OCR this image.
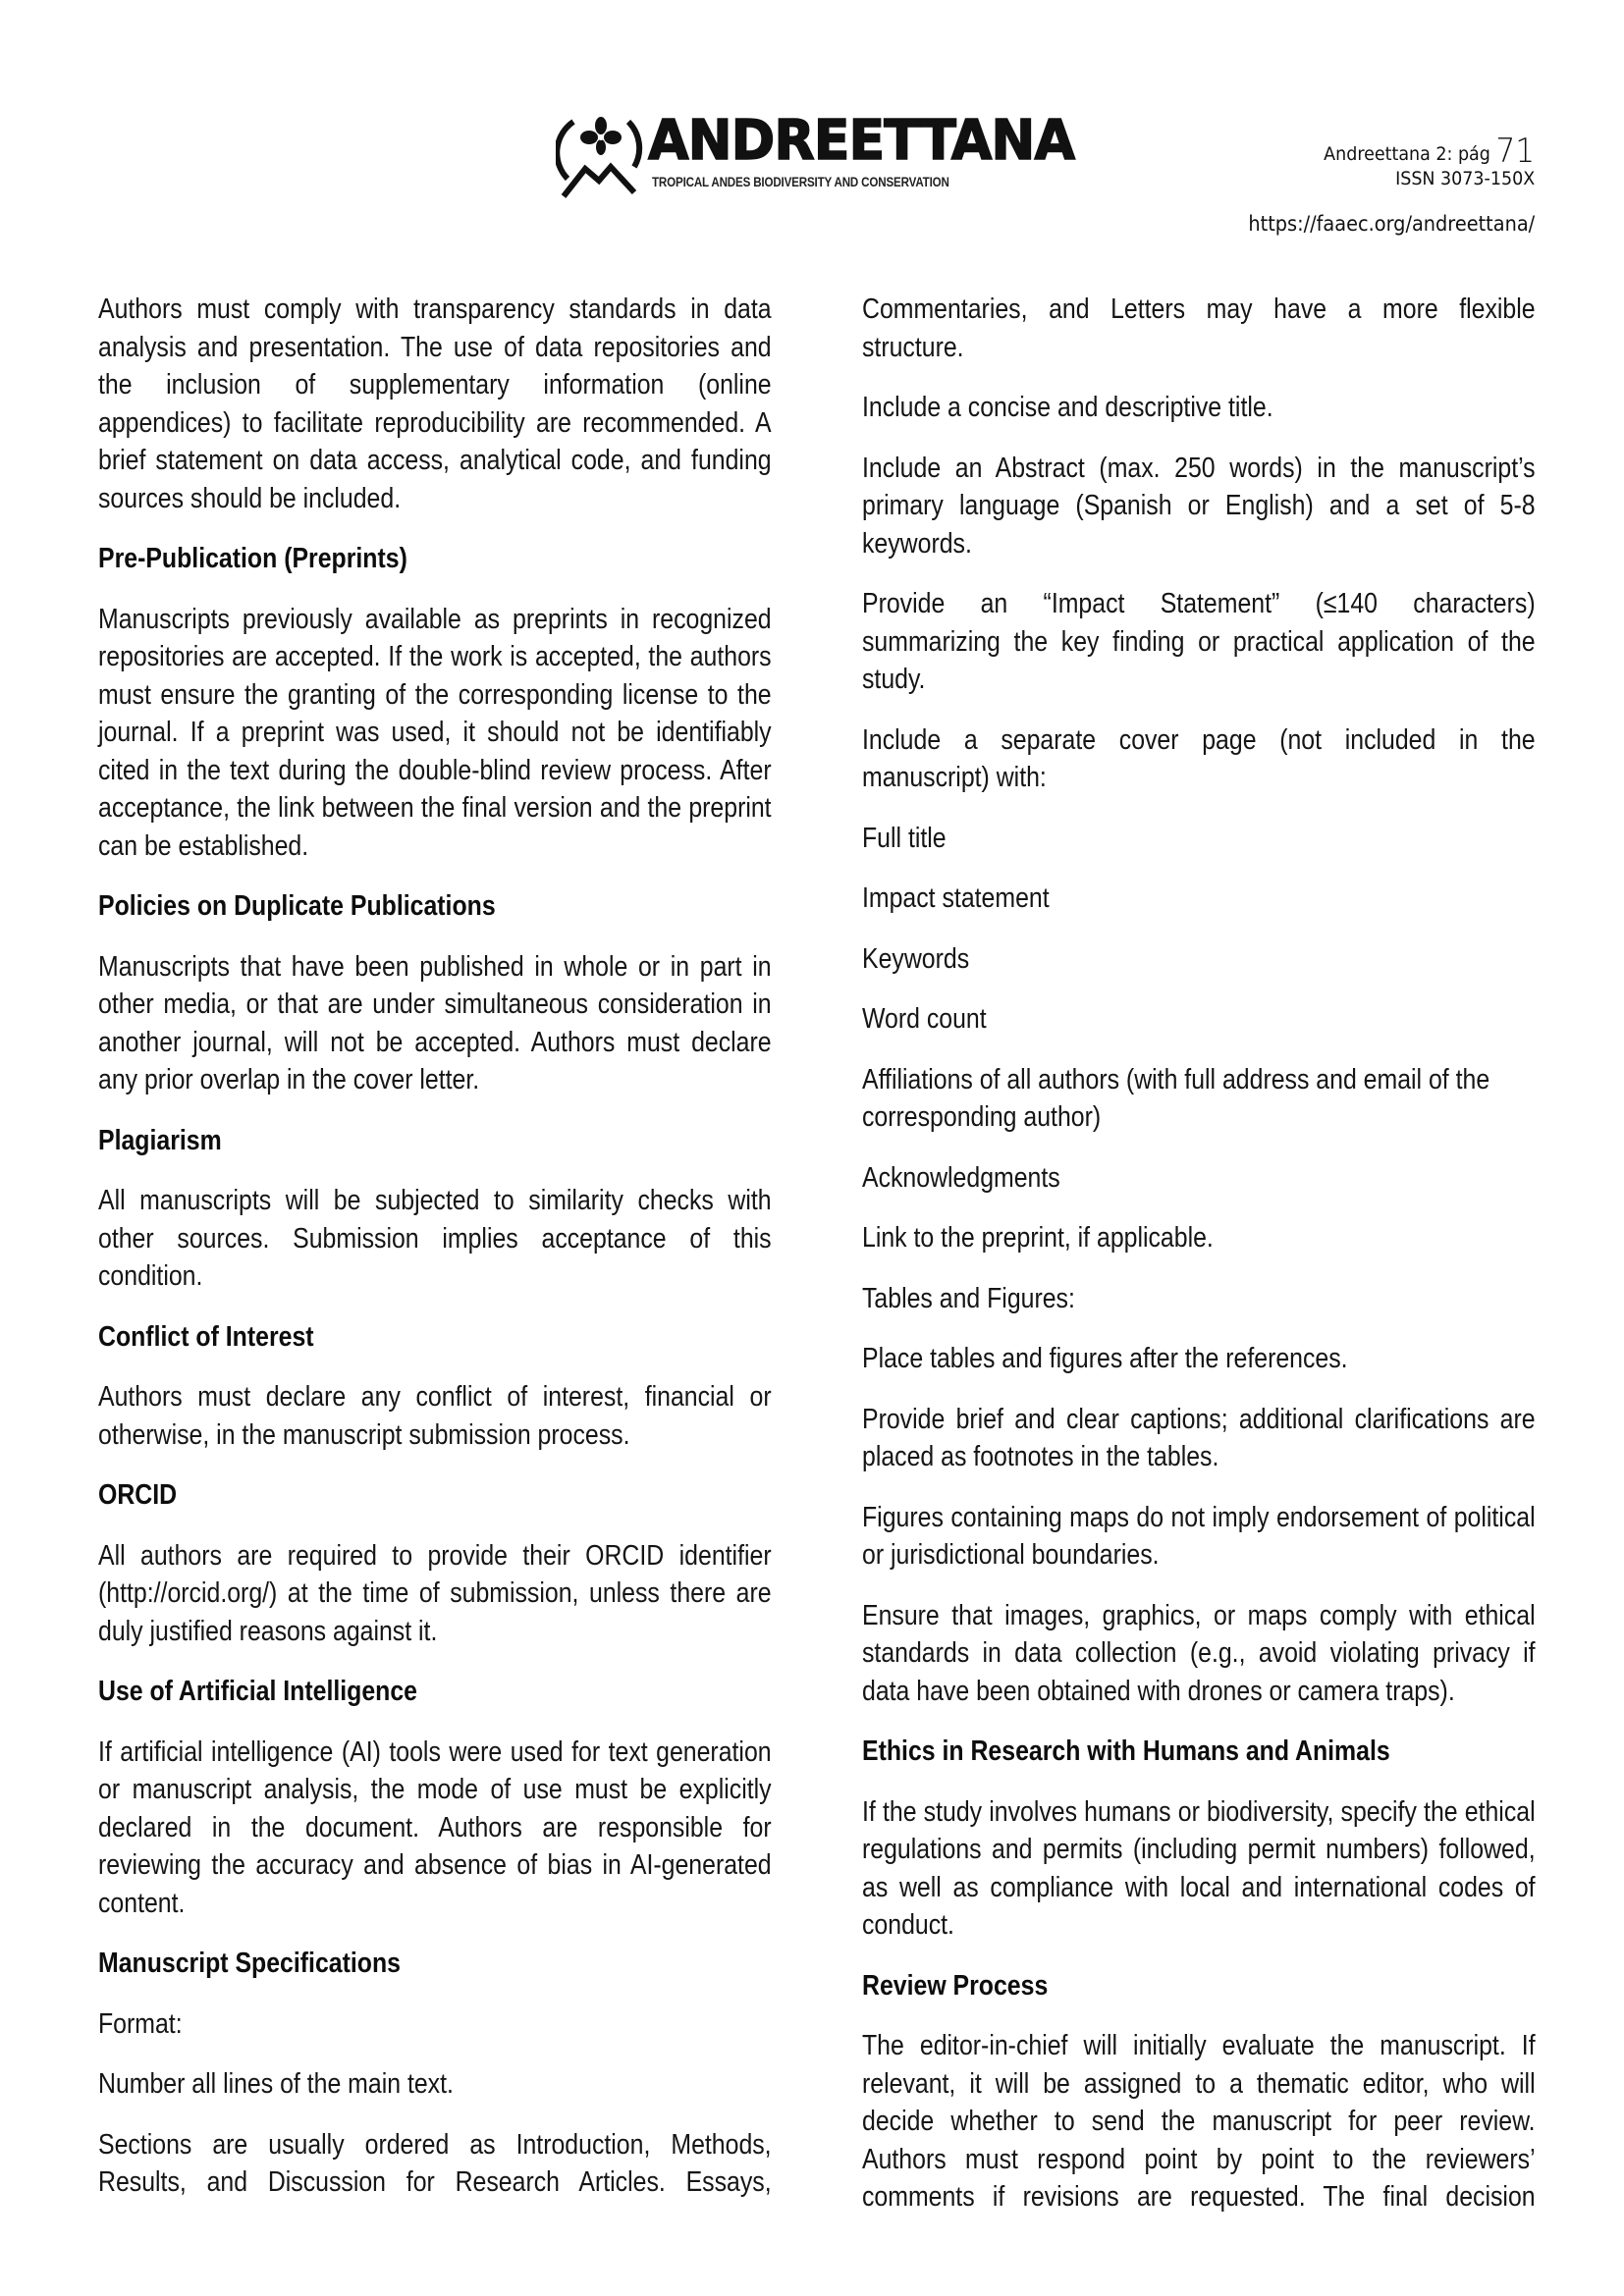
ANDREETTANA
TROPICAL ANDES BIODIVERSITY AND CONSERVATION
Andreettana 2: pág 71
ISSN 3073-150X
https://faaec.org/andreettana/

Authors must comply with transparency standards in data analysis and presentation. The use of data repositories and the inclusion of supplementary information (online appendices) to facilitate reproducibility are recommended. A brief statement on data access, analytical code, and funding sources should be included.

Pre-Publication (Preprints)

Manuscripts previously available as preprints in recognized repositories are accepted. If the work is accepted, the authors must ensure the granting of the corresponding license to the journal. If a preprint was used, it should not be identifiably cited in the text during the double-blind review process. After acceptance, the link between the final version and the preprint can be established.

Policies on Duplicate Publications

Manuscripts that have been published in whole or in part in other media, or that are under simultaneous consideration in another journal, will not be accepted. Authors must declare any prior overlap in the cover letter.

Plagiarism

All manuscripts will be subjected to similarity checks with other sources. Submission implies acceptance of this condition.

Conflict of Interest

Authors must declare any conflict of interest, financial or otherwise, in the manuscript submission process.

ORCID

All authors are required to provide their ORCID identifier (http://orcid.org/) at the time of submission, unless there are duly justified reasons against it.

Use of Artificial Intelligence

If artificial intelligence (AI) tools were used for text generation or manuscript analysis, the mode of use must be explicitly declared in the document. Authors are responsible for reviewing the accuracy and absence of bias in AI-generated content.

Manuscript Specifications

Format:

Number all lines of the main text.

Sections are usually ordered as Introduction, Methods, Results, and Discussion for Research Articles. Essays,

Commentaries, and Letters may have a more flexible structure.

Include a concise and descriptive title.

Include an Abstract (max. 250 words) in the manuscript’s primary language (Spanish or English) and a set of 5-8 keywords.

Provide an “Impact Statement” (≤140 characters) summarizing the key finding or practical application of the study.

Include a separate cover page (not included in the manuscript) with:

Full title

Impact statement

Keywords

Word count

Affiliations of all authors (with full address and email of the corresponding author)

Acknowledgments

Link to the preprint, if applicable.

Tables and Figures:

Place tables and figures after the references.

Provide brief and clear captions; additional clarifications are placed as footnotes in the tables.

Figures containing maps do not imply endorsement of political or jurisdictional boundaries.

Ensure that images, graphics, or maps comply with ethical standards in data collection (e.g., avoid violating privacy if data have been obtained with drones or camera traps).

Ethics in Research with Humans and Animals

If the study involves humans or biodiversity, specify the ethical regulations and permits (including permit numbers) followed, as well as compliance with local and international codes of conduct.

Review Process

The editor-in-chief will initially evaluate the manuscript. If relevant, it will be assigned to a thematic editor, who will decide whether to send the manuscript for peer review. Authors must respond point by point to the reviewers’ comments if revisions are requested. The final decision
